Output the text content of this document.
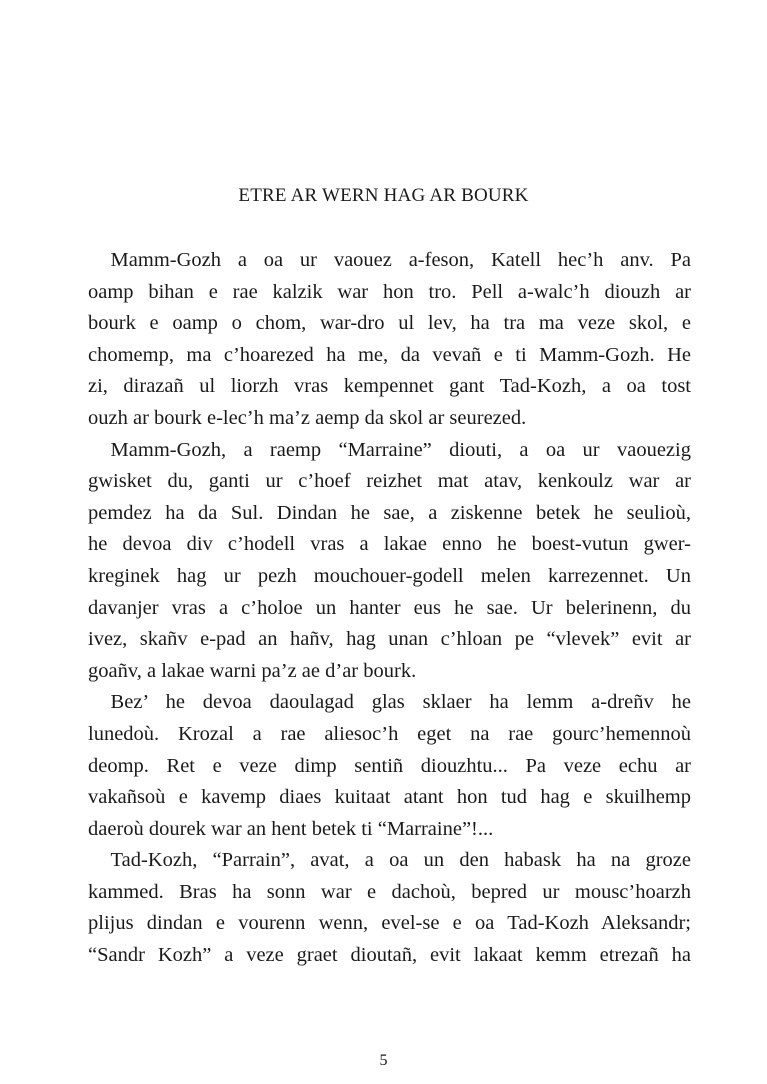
ETRE AR WERN HAG AR BOURK
Mamm-Gozh a oa ur vaouez a-feson, Katell hec’h anv. Pa
oamp bihan e rae kalzik war hon tro. Pell a-walc’h diouzh ar
bourk e oamp o chom, war-dro ul lev, ha tra ma veze skol, e
chomemp, ma c’hoarezed ha me, da vevañ e ti Mamm-Gozh. He
zi, dirazañ ul liorzh vras kempennet gant Tad-Kozh, a oa tost
ouzh ar bourk e-lec’h ma’z aemp da skol ar seurezed.
Mamm-Gozh, a raemp “Marraine” diouti, a oa ur vaouezig
gwisket du, ganti ur c’hoef reizhet mat atav, kenkoulz war ar
pemdez ha da Sul. Dindan he sae, a ziskenne betek he seulioù,
he devoa div c’hodell vras a lakae enno he boest-vutun gwer-
kreginek hag ur pezh mouchouer-godell melen karrezennet. Un
davanjer vras a c’holoe un hanter eus he sae. Ur belerinenn, du
ivez, skañv e-pad an hañv, hag unan c’hloan pe “vlevek” evit ar
goañv, a lakae warni pa’z ae d’ar bourk.
Bez’ he devoa daoulagad glas sklaer ha lemm a-dreñv he
lunedoù. Krozal a rae aliesoc’h eget na rae gourc’hemennoù
deomp. Ret e veze dimp sentiñ diouzhtu... Pa veze echu ar
vakañsoù e kavemp diaes kuitaat atant hon tud hag e skuilhemp
daeroù dourek war an hent betek ti “Marraine”!...
Tad-Kozh, “Parrain”, avat, a oa un den habask ha na groze
kammed. Bras ha sonn war e dachoù, bepred ur mousc’hoarzh
plijus dindan e vourenn wenn, evel-se e oa Tad-Kozh Aleksandr;
“Sandr Kozh” a veze graet dioutañ, evit lakaat kemm etrezañ ha
5
